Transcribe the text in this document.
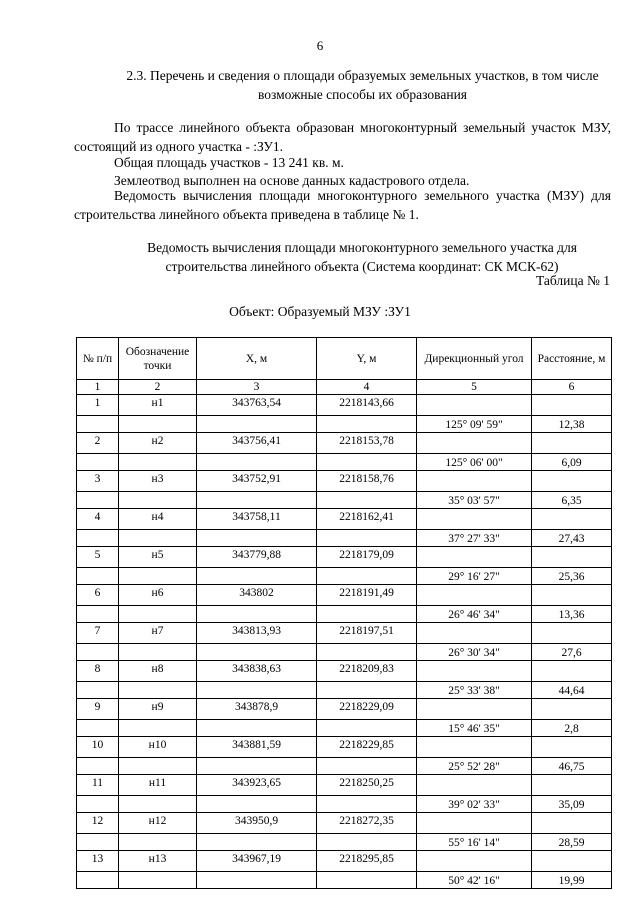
6
2.3. Перечень и сведения о площади образуемых земельных участков, в том числе возможные способы их образования
По трассе линейного объекта образован многоконтурный земельный участок МЗУ, состоящий из одного участка - :ЗУ1.
Общая площадь участков - 13 241 кв. м.
Землеотвод выполнен на основе данных кадастрового отдела.
Ведомость вычисления площади многоконтурного земельного участка (МЗУ) для строительства линейного объекта приведена в таблице № 1.
Ведомость вычисления площади многоконтурного земельного участка для строительства линейного объекта (Система координат: СК МСК-62)
Таблица № 1
Объект: Образуемый МЗУ :ЗУ1
№ п/п	Обозначение точки	X, м	Y, м	Дирекционный угол	Расстояние, м
1	2	3	4	5	6
1	н1	343763,54	2218143,66		
				125° 09' 59"	12,38
2	н2	343756,41	2218153,78		
				125° 06' 00"	6,09
3	н3	343752,91	2218158,76		
				35° 03' 57"	6,35
4	н4	343758,11	2218162,41		
				37° 27' 33"	27,43
5	н5	343779,88	2218179,09		
				29° 16' 27"	25,36
6	н6	343802	2218191,49		
				26° 46' 34"	13,36
7	н7	343813,93	2218197,51		
				26° 30' 34"	27,6
8	н8	343838,63	2218209,83		
				25° 33' 38"	44,64
9	н9	343878,9	2218229,09		
				15° 46' 35"	2,8
10	н10	343881,59	2218229,85		
				25° 52' 28"	46,75
11	н11	343923,65	2218250,25		
				39° 02' 33"	35,09
12	н12	343950,9	2218272,35		
				55° 16' 14"	28,59
13	н13	343967,19	2218295,85		
				50° 42' 16"	19,99
